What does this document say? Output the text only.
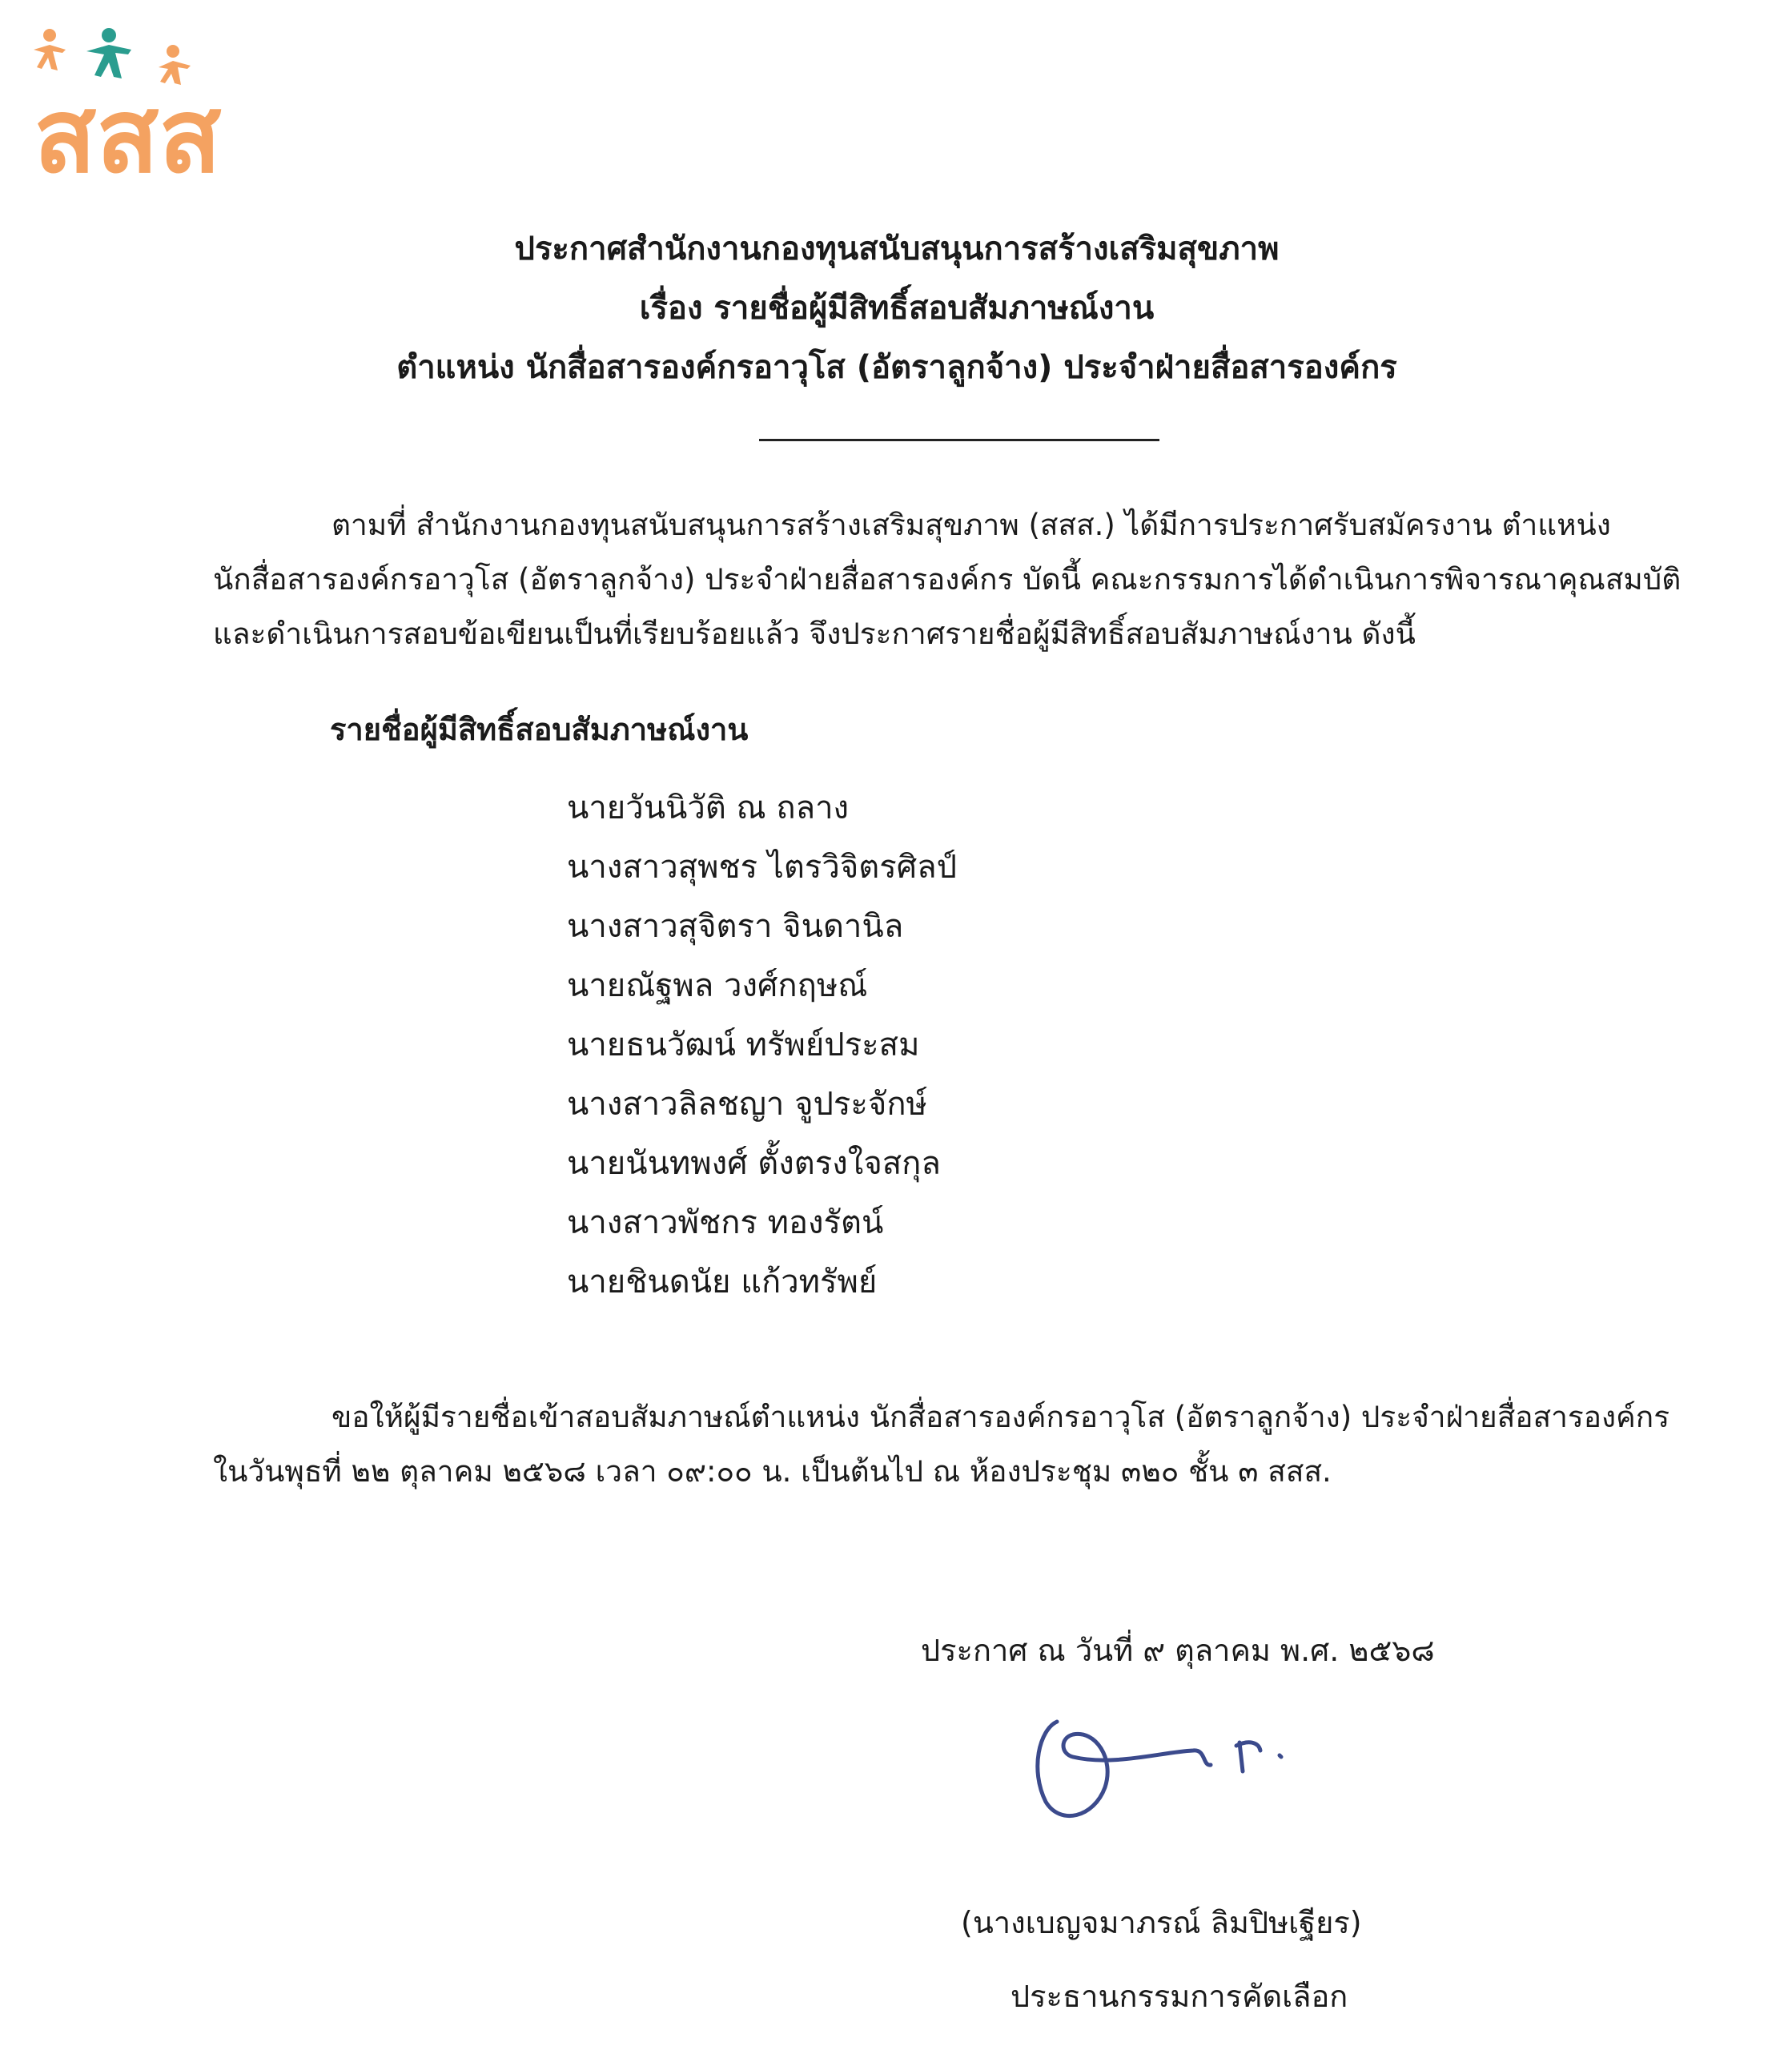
สสส
ประกาศสำนักงานกองทุนสนับสนุนการสร้างเสริมสุขภาพ
เรื่อง รายชื่อผู้มีสิทธิ์สอบสัมภาษณ์งาน
ตำแหน่ง นักสื่อสารองค์กรอาวุโส (อัตราลูกจ้าง) ประจำฝ่ายสื่อสารองค์กร
ตามที่ สำนักงานกองทุนสนับสนุนการสร้างเสริมสุขภาพ (สสส.) ได้มีการประกาศรับสมัครงาน ตำแหน่ง
นักสื่อสารองค์กรอาวุโส (อัตราลูกจ้าง) ประจำฝ่ายสื่อสารองค์กร บัดนี้ คณะกรรมการได้ดำเนินการพิจารณาคุณสมบัติ
และดำเนินการสอบข้อเขียนเป็นที่เรียบร้อยแล้ว จึงประกาศรายชื่อผู้มีสิทธิ์สอบสัมภาษณ์งาน ดังนี้
รายชื่อผู้มีสิทธิ์สอบสัมภาษณ์งาน
นายวันนิวัติ ณ ถลาง
นางสาวสุพชร ไตรวิจิตรศิลป์
นางสาวสุจิตรา จินดานิล
นายณัฐพล วงศ์กฤษณ์
นายธนวัฒน์ ทรัพย์ประสม
นางสาวลิลชญา จูประจักษ์
นายนันทพงศ์ ตั้งตรงใจสกุล
นางสาวพัชกร ทองรัตน์
นายชินดนัย แก้วทรัพย์
ขอให้ผู้มีรายชื่อเข้าสอบสัมภาษณ์ตำแหน่ง นักสื่อสารองค์กรอาวุโส (อัตราลูกจ้าง) ประจำฝ่ายสื่อสารองค์กร
ในวันพุธที่ ๒๒ ตุลาคม ๒๕๖๘ เวลา ๐๙:๐๐ น. เป็นต้นไป ณ ห้องประชุม ๓๒๐ ชั้น ๓ สสส.
ประกาศ ณ วันที่ ๙ ตุลาคม พ.ศ. ๒๕๖๘
(นางเบญจมาภรณ์ ลิมปิษเฐียร)
ประธานกรรมการคัดเลือก
